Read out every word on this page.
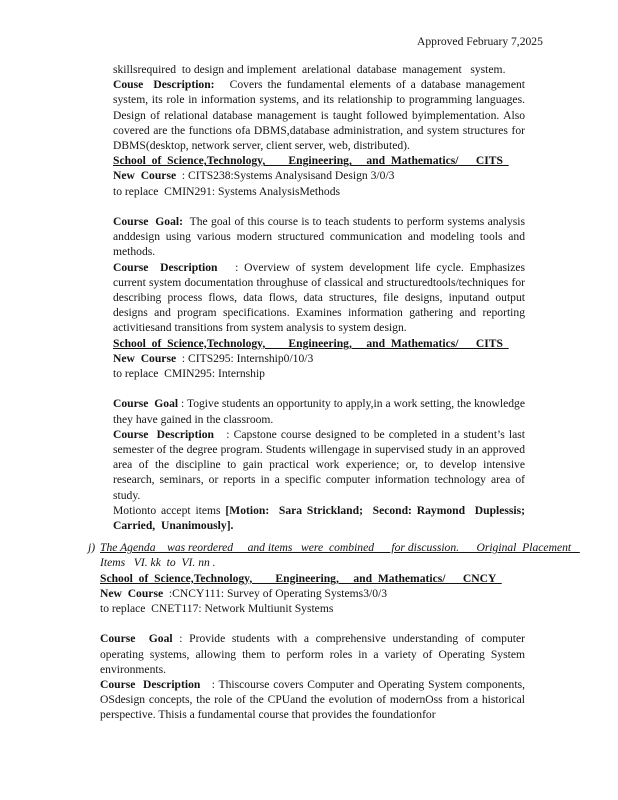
Approved February 7,2025
skillsrequired  to design and implement  arelational  database  management   system.

Couse  Description:   Covers the fundamental elements of a database management system, its role in information systems, and its relationship to programming languages. Design of relational database management is taught followed byimplementation. Also covered are the functions ofa DBMS,database administration, and system structures for DBMS(desktop, network server, client server, web, distributed).

School  of  Science,Technology,        Engineering,     and  Mathematics/      CITS

New  Course  : CITS238:Systems Analysisand Design 3/0/3

to replace  CMIN291: Systems AnalysisMethods

Course  Goal:  The goal of this course is to teach students to perform systems analysis anddesign using various modern structured communication and modeling tools and methods.

Course  Description   : Overview of system development life cycle. Emphasizes current system documentation throughuse of classical and structuredtools/techniques for describing process flows, data flows, data structures, file designs, inputand output designs and program specifications. Examines information gathering and reporting activitiesand transitions from system analysis to system design.

School  of  Science,Technology,        Engineering,     and  Mathematics/      CITS

New  Course  : CITS295: Internship0/10/3

to replace  CMIN295: Internship

Course  Goal : Togive students an opportunity to apply,in a work setting, the knowledge they have gained in the classroom.

Course  Description   : Capstone course designed to be completed in a student’s last semester of the degree program. Students willengage in supervised study in an approved area of the discipline to gain practical work experience; or, to develop intensive research, seminars, or reports in a specific computer information technology area of study.

Motionto accept items [Motion:  Sara Strickland;  Second: Raymond  Duplessis; Carried,  Unanimously].

j) The Agenda    was reordered     and items   were  combined      for discussion.      Original  Placement
Items   VI. kk  to  VI. nn .
School  of  Science,Technology,        Engineering,     and  Mathematics/      CNCY

New  Course  :CNCY111: Survey of Operating Systems3/0/3

to replace  CNET117: Network Multiunit Systems

Course  Goal : Provide students with a comprehensive understanding of computer operating systems, allowing them to perform roles in a variety of Operating System environments.

Course  Description   : Thiscourse covers Computer and Operating System components, OSdesign concepts, the role of the CPUand the evolution of modernOss from a historical perspective. Thisis a fundamental course that provides the foundationfor
